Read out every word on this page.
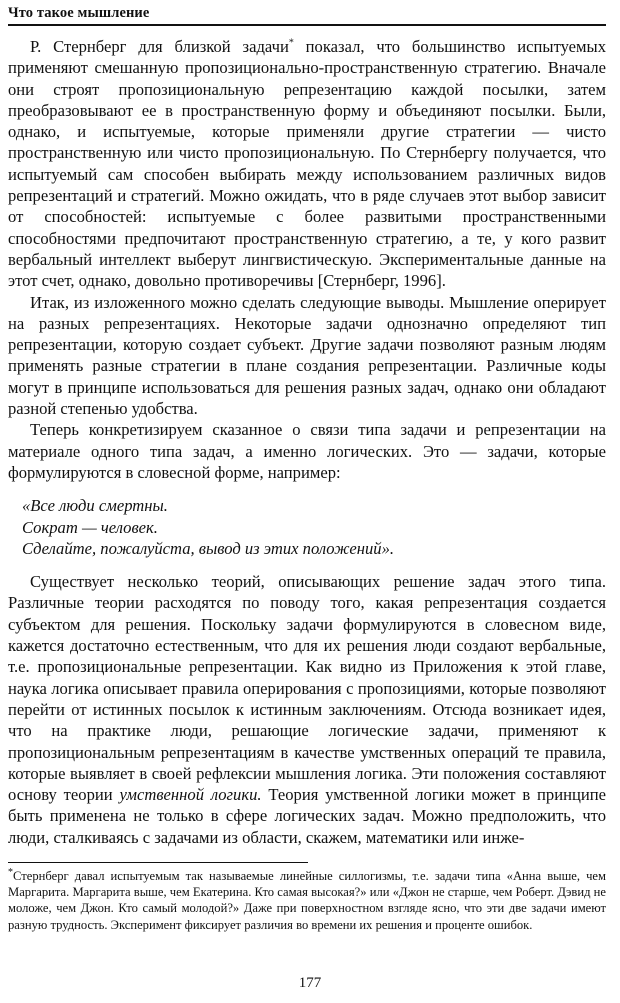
Что такое мышление

Р. Стернберг для близкой задачи* показал, что большинство испытуемых применяют смешанную пропозиционально-пространственную стратегию. Вначале они строят пропозициональную репрезентацию каждой посылки, затем преобразовывают ее в пространственную форму и объединяют посылки. Были, однако, и испытуемые, которые применяли другие стратегии — чисто пространственную или чисто пропозициональную. По Стернбергу получается, что испытуемый сам способен выбирать между использованием различных видов репрезентаций и стратегий. Можно ожидать, что в ряде случаев этот выбор зависит от способностей: испытуемые с более развитыми пространственными способностями предпочитают пространственную стратегию, а те, у кого развит вербальный интеллект выберут лингвистическую. Экспериментальные данные на этот счет, однако, довольно противоречивы [Стернберг, 1996].

Итак, из изложенного можно сделать следующие выводы. Мышление оперирует на разных репрезентациях. Некоторые задачи однозначно определяют тип репрезентации, которую создает субъект. Другие задачи позволяют разным людям применять разные стратегии в плане создания репрезентации. Различные коды могут в принципе использоваться для решения разных задач, однако они обладают разной степенью удобства.

Теперь конкретизируем сказанное о связи типа задачи и репрезентации на материале одного типа задач, а именно логических. Это — задачи, которые формулируются в словесной форме, например:

«Все люди смертны.
Сократ — человек.
Сделайте, пожалуйста, вывод из этих положений».

Существует несколько теорий, описывающих решение задач этого типа. Различные теории расходятся по поводу того, какая репрезентация создается субъектом для решения. Поскольку задачи формулируются в словесном виде, кажется достаточно естественным, что для их решения люди создают вербальные, т.е. пропозициональные репрезентации. Как видно из Приложения к этой главе, наука логика описывает правила оперирования с пропозициями, которые позволяют перейти от истинных посылок к истинным заключениям. Отсюда возникает идея, что на практике люди, решающие логические задачи, применяют к пропозициональным репрезентациям в качестве умственных операций те правила, которые выявляет в своей рефлексии мышления логика. Эти положения составляют основу теории умственной логики. Теория умственной логики может в принципе быть применена не только в сфере логических задач. Можно предположить, что люди, сталкиваясь с задачами из области, скажем, математики или инже-

*Стернберг давал испытуемым так называемые линейные силлогизмы, т.е. задачи типа «Анна выше, чем Маргарита. Маргарита выше, чем Екатерина. Кто самая высокая?» или «Джон не старше, чем Роберт. Дэвид не моложе, чем Джон. Кто самый молодой?» Даже при поверхностном взгляде ясно, что эти две задачи имеют разную трудность. Эксперимент фиксирует различия во времени их решения и проценте ошибок.
177
